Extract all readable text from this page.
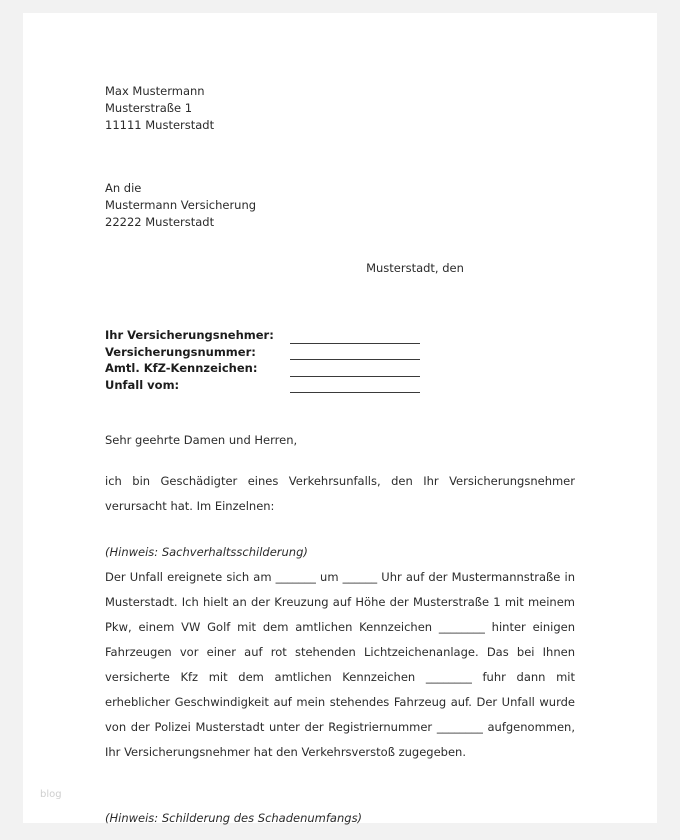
Max Mustermann
Musterstraße 1
11111 Musterstadt
An die
Mustermann Versicherung
22222 Musterstadt
Musterstadt, den
Ihr Versicherungsnehmer:
Versicherungsnummer:
Amtl. KfZ-Kennzeichen:
Unfall vom:
Sehr geehrte Damen und Herren,
ich bin Geschädigter eines Verkehrsunfalls, den Ihr Versicherungsnehmer verursacht hat. Im Einzelnen:
(Hinweis: Sachverhaltsschilderung)
Der Unfall ereignete sich am _______ um ______ Uhr auf der Mustermannstraße in Musterstadt. Ich hielt an der Kreuzung auf Höhe der Musterstraße 1 mit meinem Pkw, einem VW Golf mit dem amtlichen Kennzeichen ________ hinter einigen Fahrzeugen vor einer auf rot stehenden Lichtzeichenanlage. Das bei Ihnen versicherte Kfz mit dem amtlichen Kennzeichen ________ fuhr dann mit erheblicher Geschwindigkeit auf mein stehendes Fahrzeug auf. Der Unfall wurde von der Polizei Musterstadt unter der Registriernummer ________ aufgenommen, Ihr Versicherungsnehmer hat den Verkehrsverstoß zugegeben.
(Hinweis: Schilderung des Schadenumfangs)
blog
